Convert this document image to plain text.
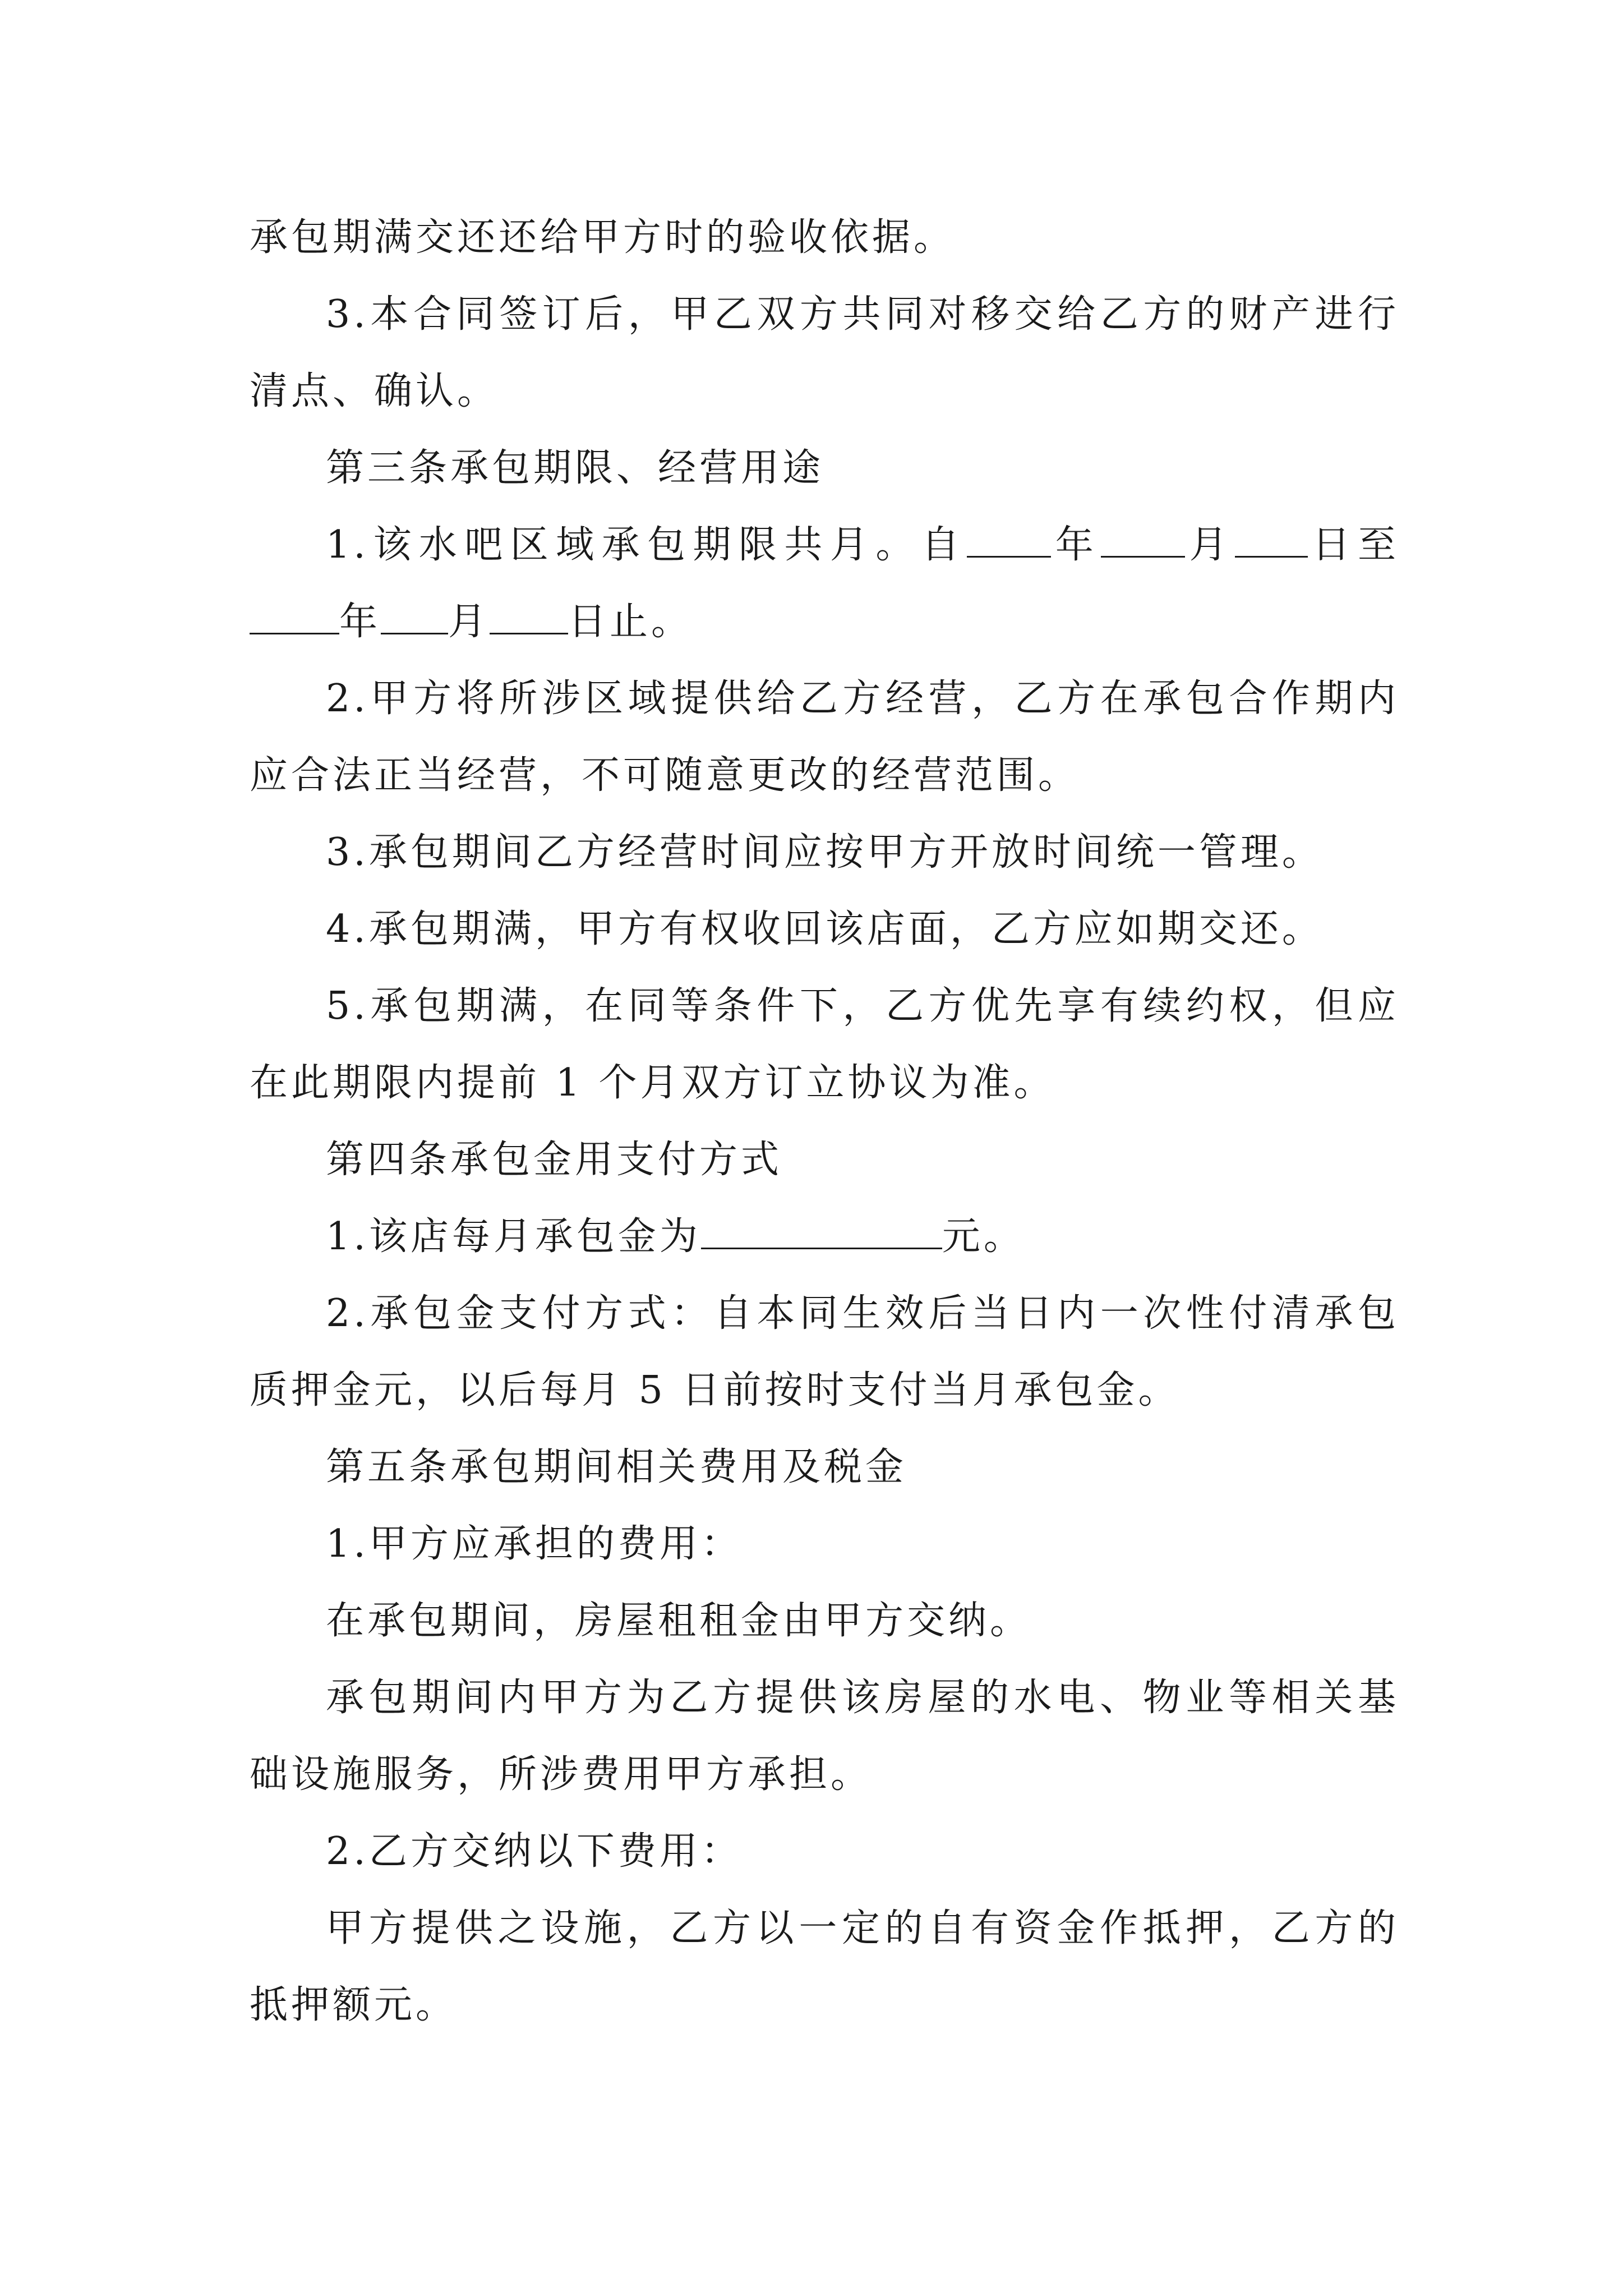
承包期满交还还给甲方时的验收依据。

3.本合同签订后，甲乙双方共同对移交给乙方的财产进行清点、确认。

第三条承包期限、经营用途

1.该水吧区域承包期限共月。自 年 月 日至年 月 日止。

2.甲方将所涉区域提供给乙方经营，乙方在承包合作期内应合法正当经营，不可随意更改的经营范围。

3.承包期间乙方经营时间应按甲方开放时间统一管理。

4.承包期满，甲方有权收回该店面，乙方应如期交还。

5.承包期满，在同等条件下，乙方优先享有续约权，但应在此期限内提前 1 个月双方订立协议为准。

第四条承包金用支付方式

1.该店每月承包金为	元。

2.承包金支付方式：自本同生效后当日内一次性付清承包质押金元，以后每月 5 日前按时支付当月承包金。

第五条承包期间相关费用及税金

1.甲方应承担的费用：

在承包期间，房屋租租金由甲方交纳。

承包期间内甲方为乙方提供该房屋的水电、物业等相关基础设施服务，所涉费用甲方承担。

2.乙方交纳以下费用：

甲方提供之设施，乙方以一定的自有资金作抵押，乙方的抵押额元。
